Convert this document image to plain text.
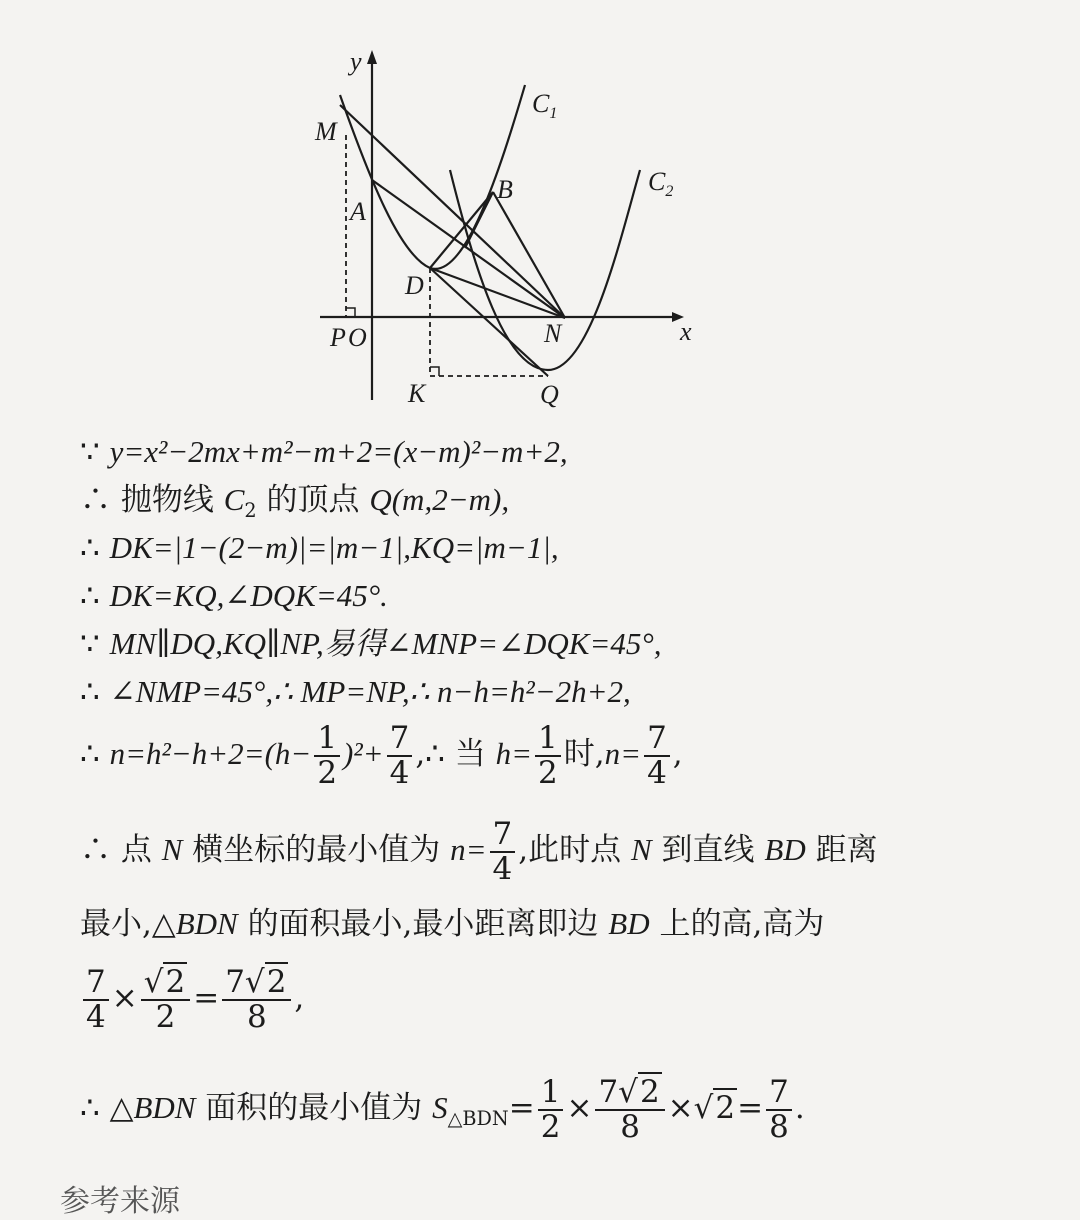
y
x
$C_1$
$C_2$
M
A
B
D
P O	N
K	Q
∵ y=x²−2mx+m²−m+2=(x−m)²−m+2,
∴ 抛物线 $C_2$ 的顶点 Q(m,2−m),
∴ DK=|1−(2−m)|=|m−1|,KQ=|m−1|,
∴ DK=KQ,∠DQK=45°.
∵ MN∥DQ,KQ∥NP,易得∠MNP=∠DQK=45°,
∴ ∠NMP=45°,∴ MP=NP,∴ n−h=h²−2h+2,
∴ $n=h^2-h+2=(h- \frac{1}{2} )^2+ \frac{7}{4}$ ,∴ 当 $h= \frac{1}{2}$ 时$,n= \frac{7}{4}$ ,
∴ 点 N 横坐标的最小值为 $n= \frac{7}{4}$ ,此时点 N 到直线 BD 距离
最小,△BDN 的面积最小,最小距离即边 BD 上的高,高为
$\frac{7}{4} \times \frac{√2}{2} = \frac{7√2}{8}$ ,
∴ △BDN 面积的最小值为 $S_{\triangle BDN}= \frac{1}{2} \times \frac{7√2}{8} \times√2= \frac{7}{8}$ .
参考来源
